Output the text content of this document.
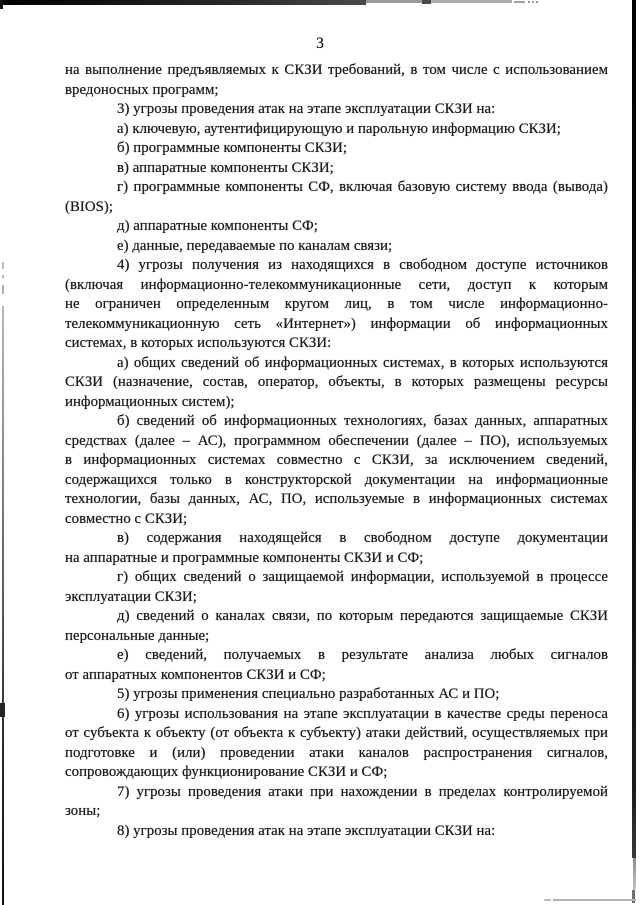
3
на выполнение предъявляемых к СКЗИ требований, в том числе с использованием
вредоносных программ;
3) угрозы проведения атак на этапе эксплуатации СКЗИ на:
а) ключевую, аутентифицирующую и парольную информацию СКЗИ;
б) программные компоненты СКЗИ;
в) аппаратные компоненты СКЗИ;
г) программные компоненты СФ, включая базовую систему ввода (вывода)
(BIOS);
д) аппаратные компоненты СФ;
е) данные, передаваемые по каналам связи;
4) угрозы получения из находящихся в свободном доступе источников
(включая информационно-телекоммуникационные сети, доступ к которым
не ограничен определенным кругом лиц, в том числе информационно-
телекоммуникационную сеть «Интернет») информации об информационных
системах, в которых используются СКЗИ:
а) общих сведений об информационных системах, в которых используются
СКЗИ (назначение, состав, оператор, объекты, в которых размещены ресурсы
информационных систем);
б) сведений об информационных технологиях, базах данных, аппаратных
средствах (далее – АС), программном обеспечении (далее – ПО), используемых
в информационных системах совместно с СКЗИ, за исключением сведений,
содержащихся только в конструкторской документации на информационные
технологии, базы данных, АС, ПО, используемые в информационных системах
совместно с СКЗИ;
в) содержания находящейся в свободном доступе документации
на аппаратные и программные компоненты СКЗИ и СФ;
г) общих сведений о защищаемой информации, используемой в процессе
эксплуатации СКЗИ;
д) сведений о каналах связи, по которым передаются защищаемые СКЗИ
персональные данные;
е) сведений, получаемых в результате анализа любых сигналов
от аппаратных компонентов СКЗИ и СФ;
5) угрозы применения специально разработанных АС и ПО;
6) угрозы использования на этапе эксплуатации в качестве среды переноса
от субъекта к объекту (от объекта к субъекту) атаки действий, осуществляемых при
подготовке и (или) проведении атаки каналов распространения сигналов,
сопровождающих функционирование СКЗИ и СФ;
7) угрозы проведения атаки при нахождении в пределах контролируемой
зоны;
8) угрозы проведения атак на этапе эксплуатации СКЗИ на:
